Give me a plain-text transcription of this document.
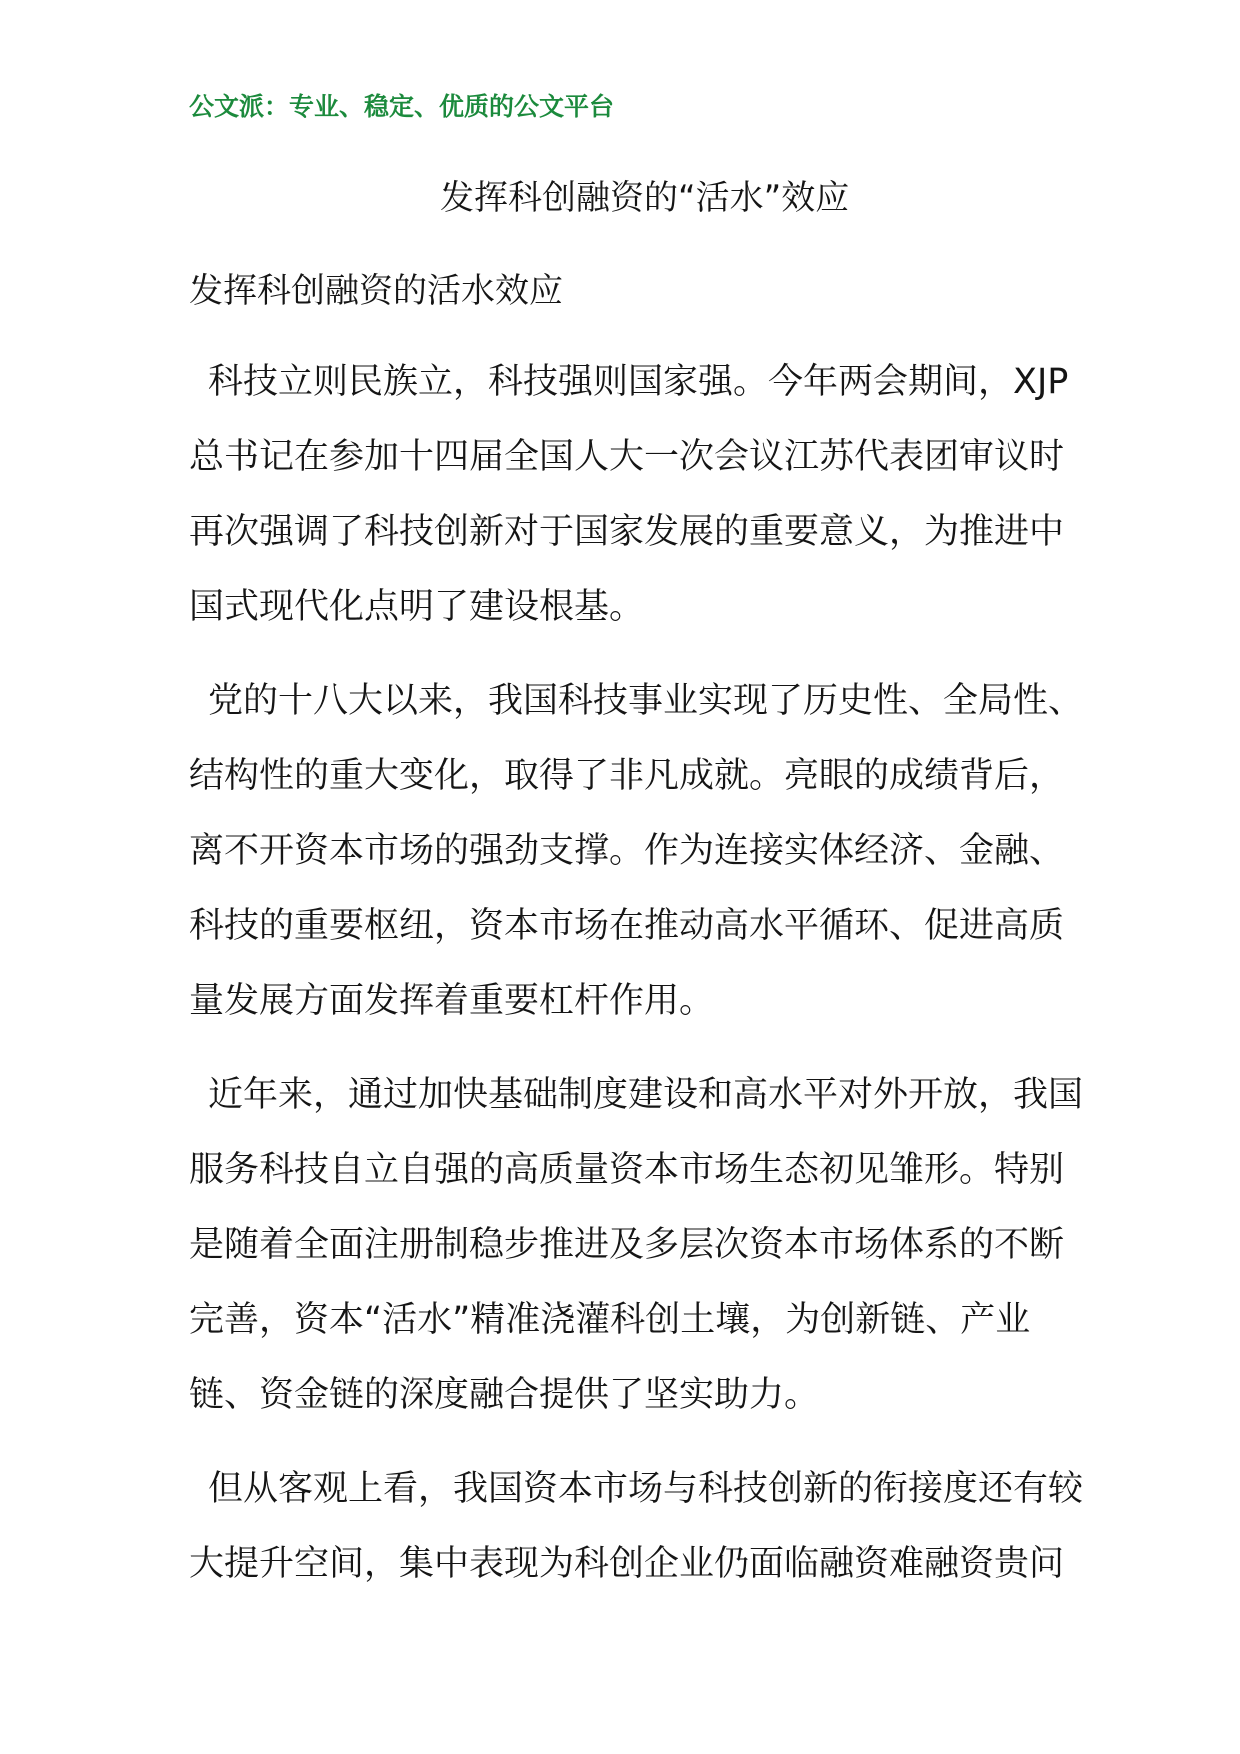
公文派：专业、稳定、优质的公文平台
发挥科创融资的“活水”效应
发挥科创融资的活水效应
科技立则民族立，科技强则国家强。今年两会期间，XJP
总书记在参加十四届全国人大一次会议江苏代表团审议时
再次强调了科技创新对于国家发展的重要意义，为推进中
国式现代化点明了建设根基。
党的十八大以来，我国科技事业实现了历史性、全局性、
结构性的重大变化，取得了非凡成就。亮眼的成绩背后，
离不开资本市场的强劲支撑。作为连接实体经济、金融、
科技的重要枢纽，资本市场在推动高水平循环、促进高质
量发展方面发挥着重要杠杆作用。
近年来，通过加快基础制度建设和高水平对外开放，我国
服务科技自立自强的高质量资本市场生态初见雏形。特别
是随着全面注册制稳步推进及多层次资本市场体系的不断
完善，资本“活水”精准浇灌科创土壤，为创新链、产业
链、资金链的深度融合提供了坚实助力。
但从客观上看，我国资本市场与科技创新的衔接度还有较
大提升空间，集中表现为科创企业仍面临融资难融资贵问
